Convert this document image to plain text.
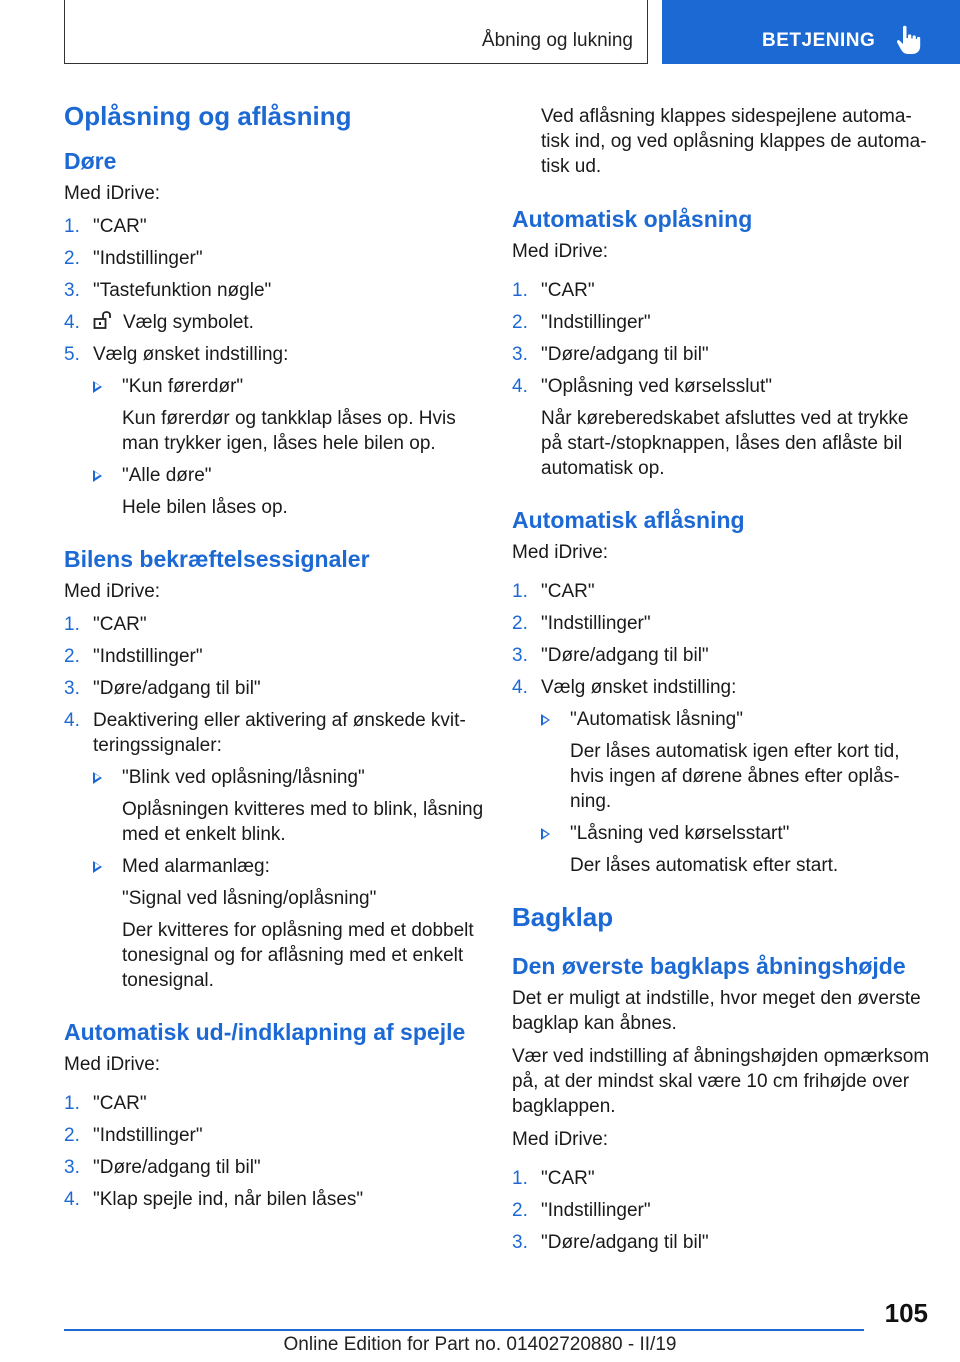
Åbning og lukning	BETJENING
Oplåsning og aflåsning
Døre

Med iDrive:

1. "CAR"
2. "Indstillinger"
3. "Tastefunktion nøgle"
4. Vælg symbolet.
5. Vælg ønsket indstilling:
"Kun førerdør"
Kun førerdør og tankklap låses op. Hvis man trykker igen, låses hele bilen op.
"Alle døre"
Hele bilen låses op.
Bilens bekræftelsessignaler

Med iDrive:

1. "CAR"
2. "Indstillinger"
3. "Døre/adgang til bil"
4. Deaktivering eller aktivering af ønskede kvitteringssignaler:
"Blink ved oplåsning/låsning"
Oplåsningen kvitteres med to blink, låsning med et enkelt blink.
Med alarmanlæg:
"Signal ved låsning/oplåsning"
Der kvitteres for oplåsning med et dobbelt tonesignal og for aflåsning med et enkelt tonesignal.
Automatisk ud-/indklapning af spejle

Med iDrive:

1. "CAR"
2. "Indstillinger"
3. "Døre/adgang til bil"
4. "Klap spejle ind, når bilen låses"

Ved aflåsning klappes sidespejlene automatisk ind, og ved oplåsning klappes de automatisk ud.

Automatisk oplåsning

Med iDrive:

1. "CAR"
2. "Indstillinger"
3. "Døre/adgang til bil"
4. "Oplåsning ved kørselsslut"
Når køreberedskabet afsluttes ved at trykke på start-/stopknappen, låses den aflåste bil automatisk op.
Automatisk aflåsning

Med iDrive:

1. "CAR"
2. "Indstillinger"
3. "Døre/adgang til bil"
4. Vælg ønsket indstilling:
"Automatisk låsning"
Der låses automatisk igen efter kort tid, hvis ingen af dørene åbnes efter oplåsning.
"Låsning ved kørselsstart"
Der låses automatisk efter start.
Bagklap
Den øverste bagklaps åbningshøjde

Det er muligt at indstille, hvor meget den øverste bagklap kan åbnes.

Vær ved indstilling af åbningshøjden opmærksom på, at der mindst skal være 10 cm frihøjde over bagklappen.

Med iDrive:

1. "CAR"
2. "Indstillinger"
3. "Døre/adgang til bil"
105
Online Edition for Part no. 01402720880 - II/19
